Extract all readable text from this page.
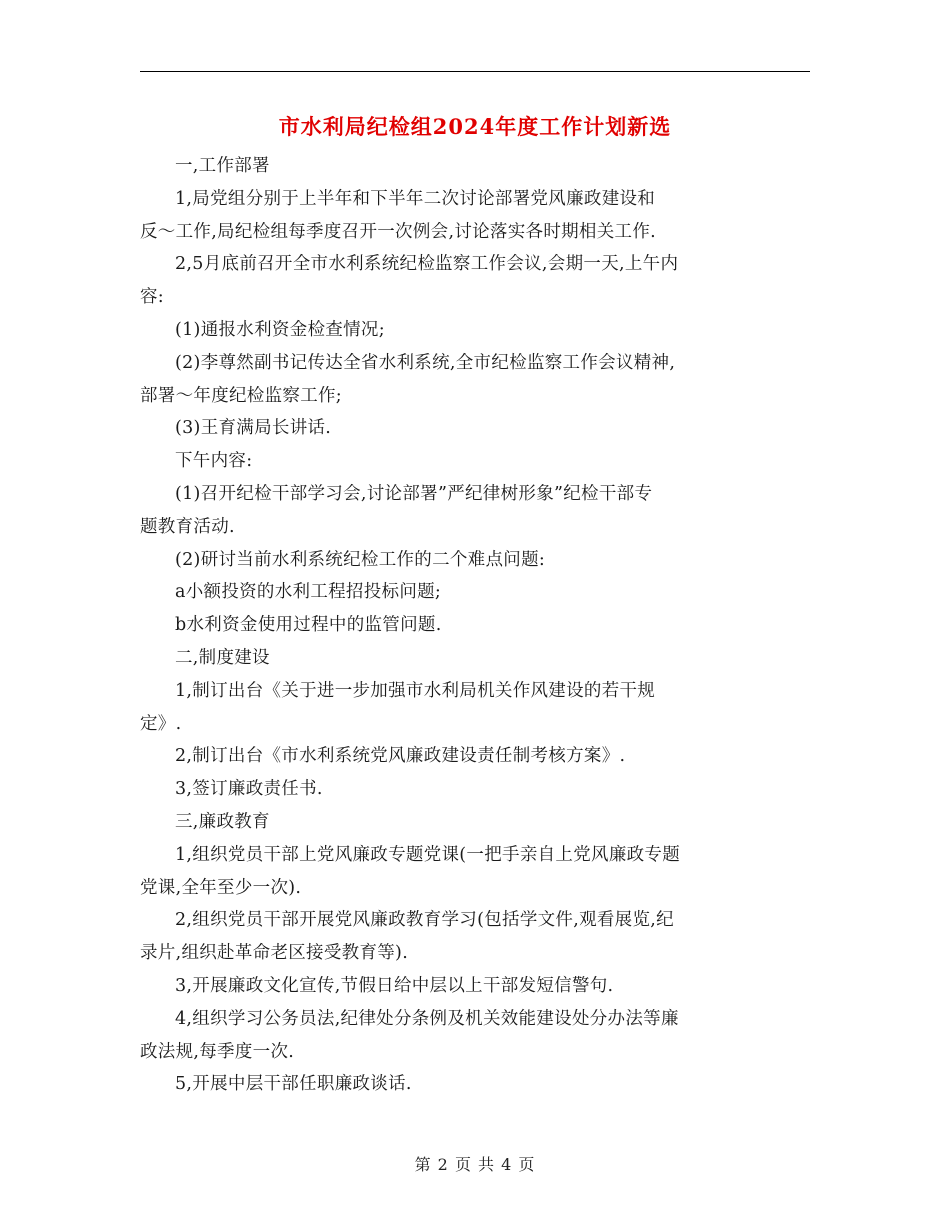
市水利局纪检组2024年度工作计划新选

一,工作部署

1,局党组分别于上半年和下半年二次讨论部署党风廉政建设和
反～工作,局纪检组每季度召开一次例会,讨论落实各时期相关工作.

2,5月底前召开全市水利系统纪检监察工作会议,会期一天,上午内
容:

(1)通报水利资金检查情况;

(2)李尊然副书记传达全省水利系统,全市纪检监察工作会议精神,
部署～年度纪检监察工作;

(3)王育满局长讲话.

下午内容:

(1)召开纪检干部学习会,讨论部署”严纪律树形象”纪检干部专
题教育活动.

(2)研讨当前水利系统纪检工作的二个难点问题:

a小额投资的水利工程招投标问题;

b水利资金使用过程中的监管问题.

二,制度建设

1,制订出台《关于进一步加强市水利局机关作风建设的若干规
定》.

2,制订出台《市水利系统党风廉政建设责任制考核方案》.

3,签订廉政责任书.

三,廉政教育

1,组织党员干部上党风廉政专题党课(一把手亲自上党风廉政专题
党课,全年至少一次).

2,组织党员干部开展党风廉政教育学习(包括学文件,观看展览,纪
录片,组织赴革命老区接受教育等).

3,开展廉政文化宣传,节假日给中层以上干部发短信警句.

4,组织学习公务员法,纪律处分条例及机关效能建设处分办法等廉
政法规,每季度一次.

5,开展中层干部任职廉政谈话.

第 2 页 共 4 页
